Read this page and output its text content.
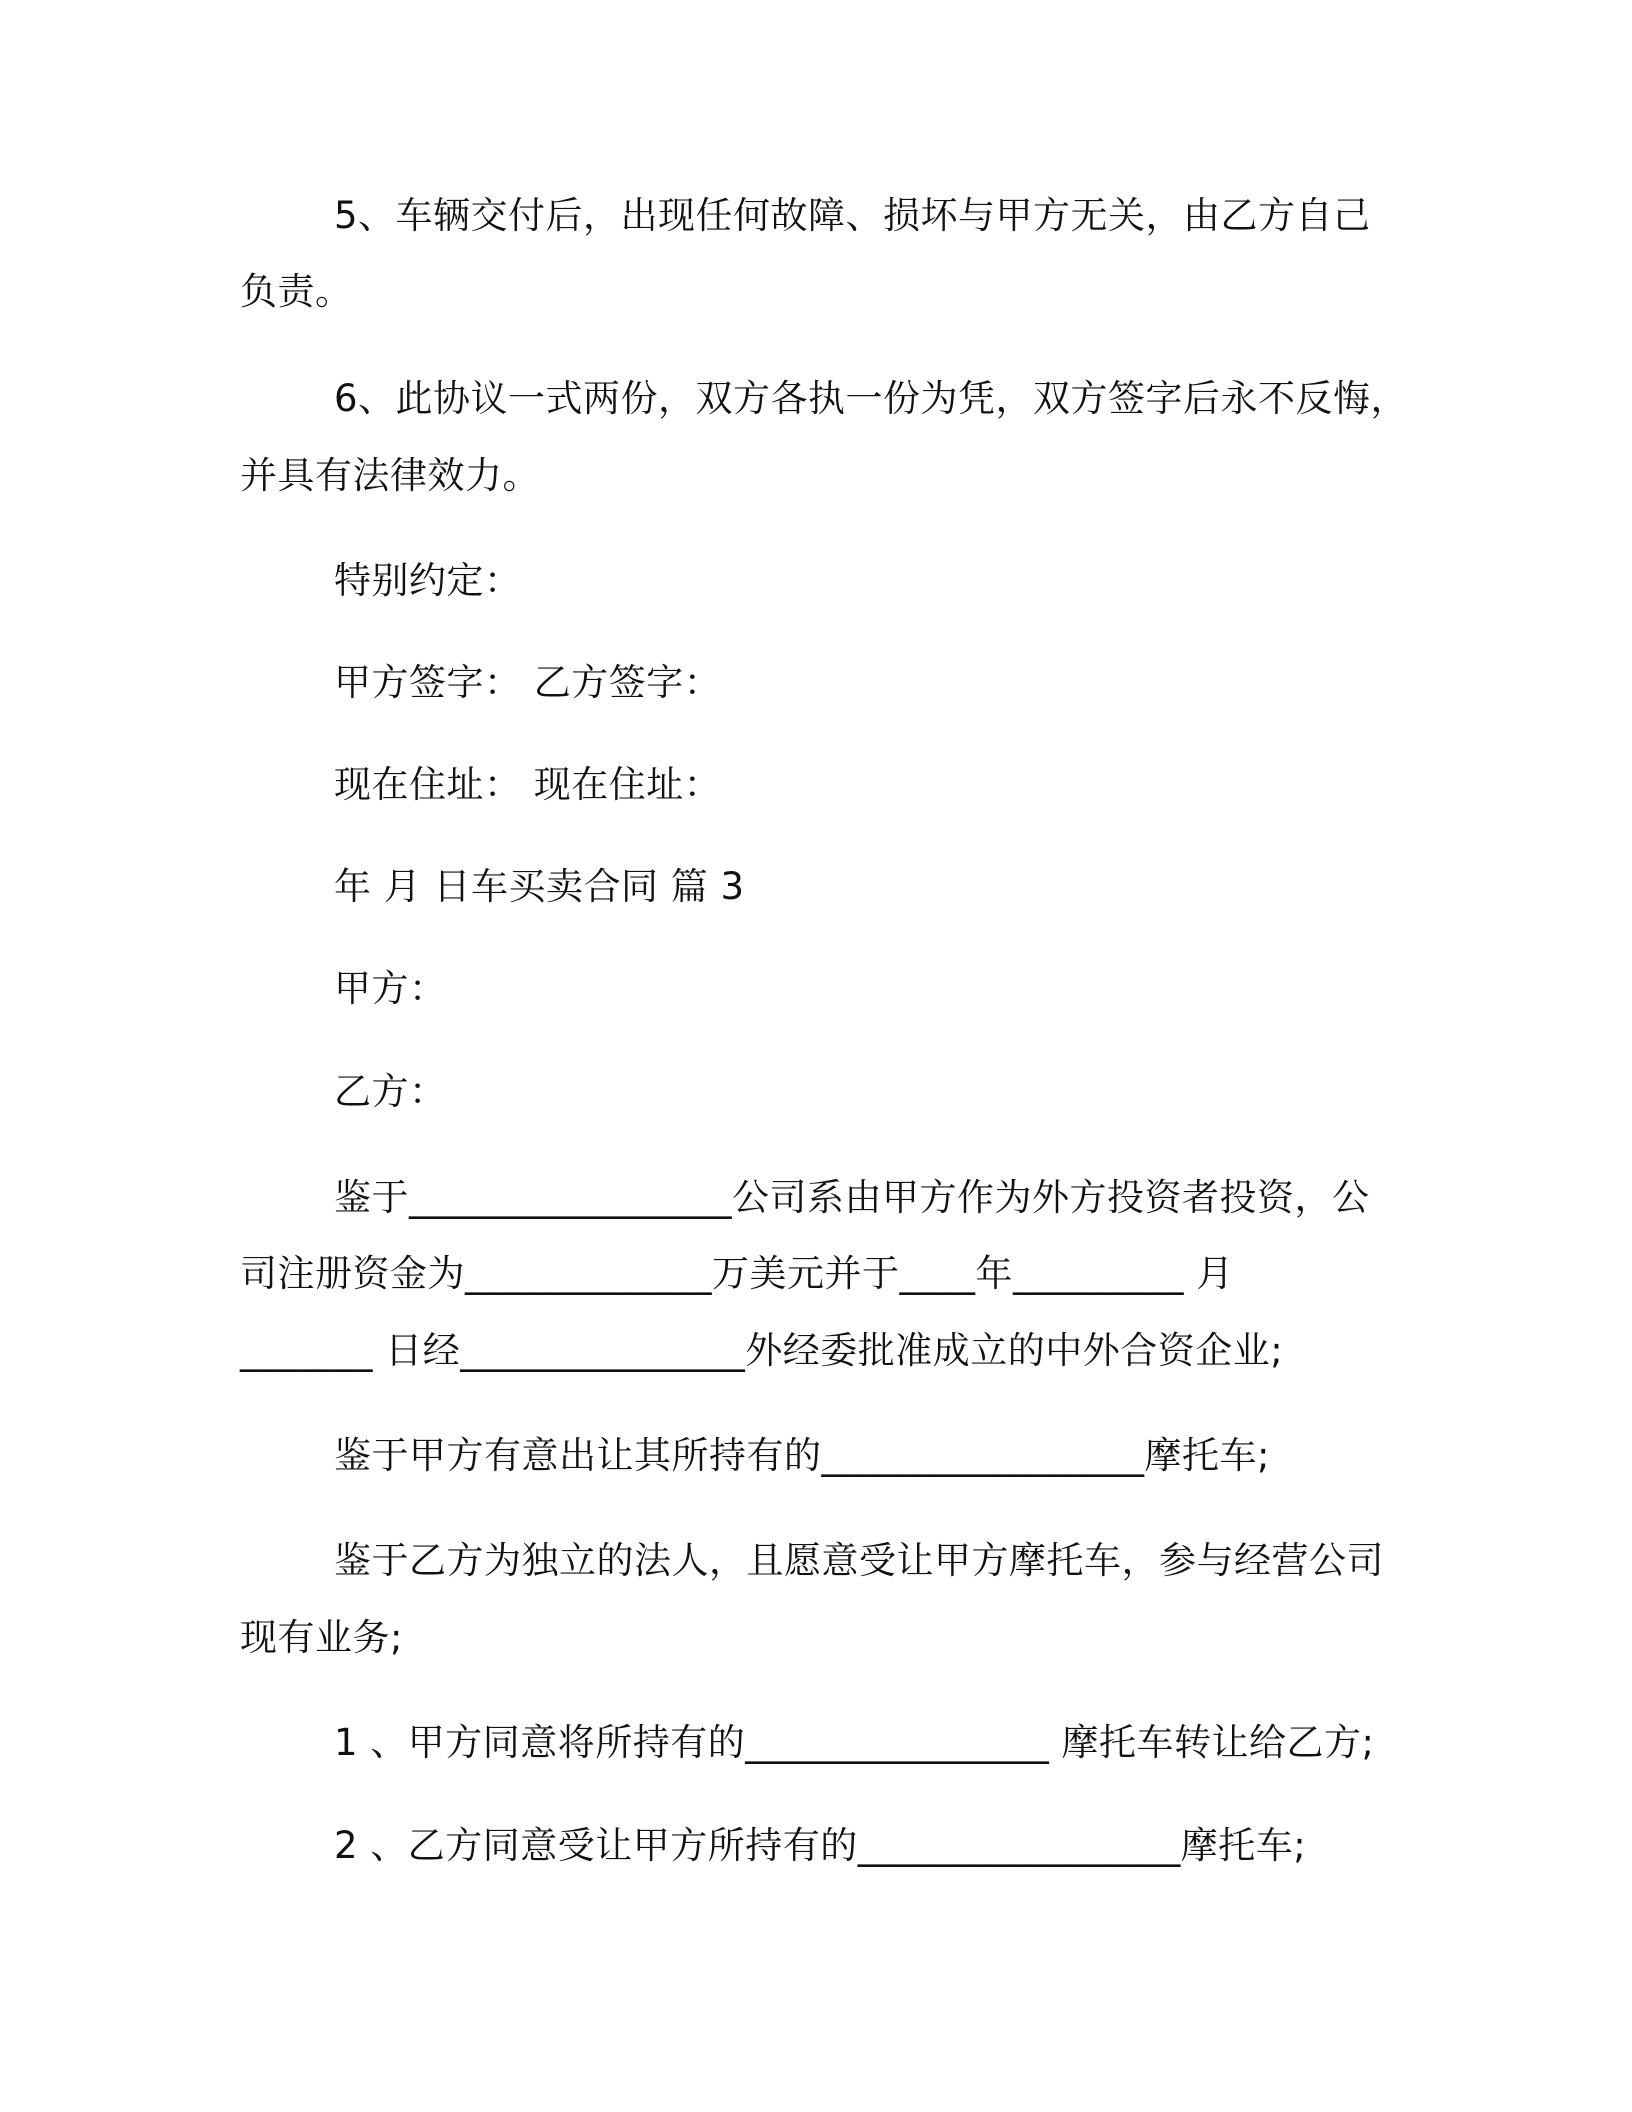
5、车辆交付后，出现任何故障、损坏与甲方无关，由乙方自己

负责。

6、此协议一式两份，双方各执一份为凭，双方签字后永不反悔，

并具有法律效力。

特别约定：

甲方签字： 乙方签字：

现在住址： 现在住址：

年 月 日车买卖合同 篇 3

甲方：

乙方：

鉴于_________________公司系由甲方作为外方投资者投资，公

司注册资金为_____________万美元并于____年_________ 月

_______ 日经_______________外经委批准成立的中外合资企业;

鉴于甲方有意出让其所持有的_________________摩托车;

鉴于乙方为独立的法人，且愿意受让甲方摩托车，参与经营公司

现有业务;

1 、甲方同意将所持有的________________ 摩托车转让给乙方;

2 、乙方同意受让甲方所持有的_________________摩托车;
